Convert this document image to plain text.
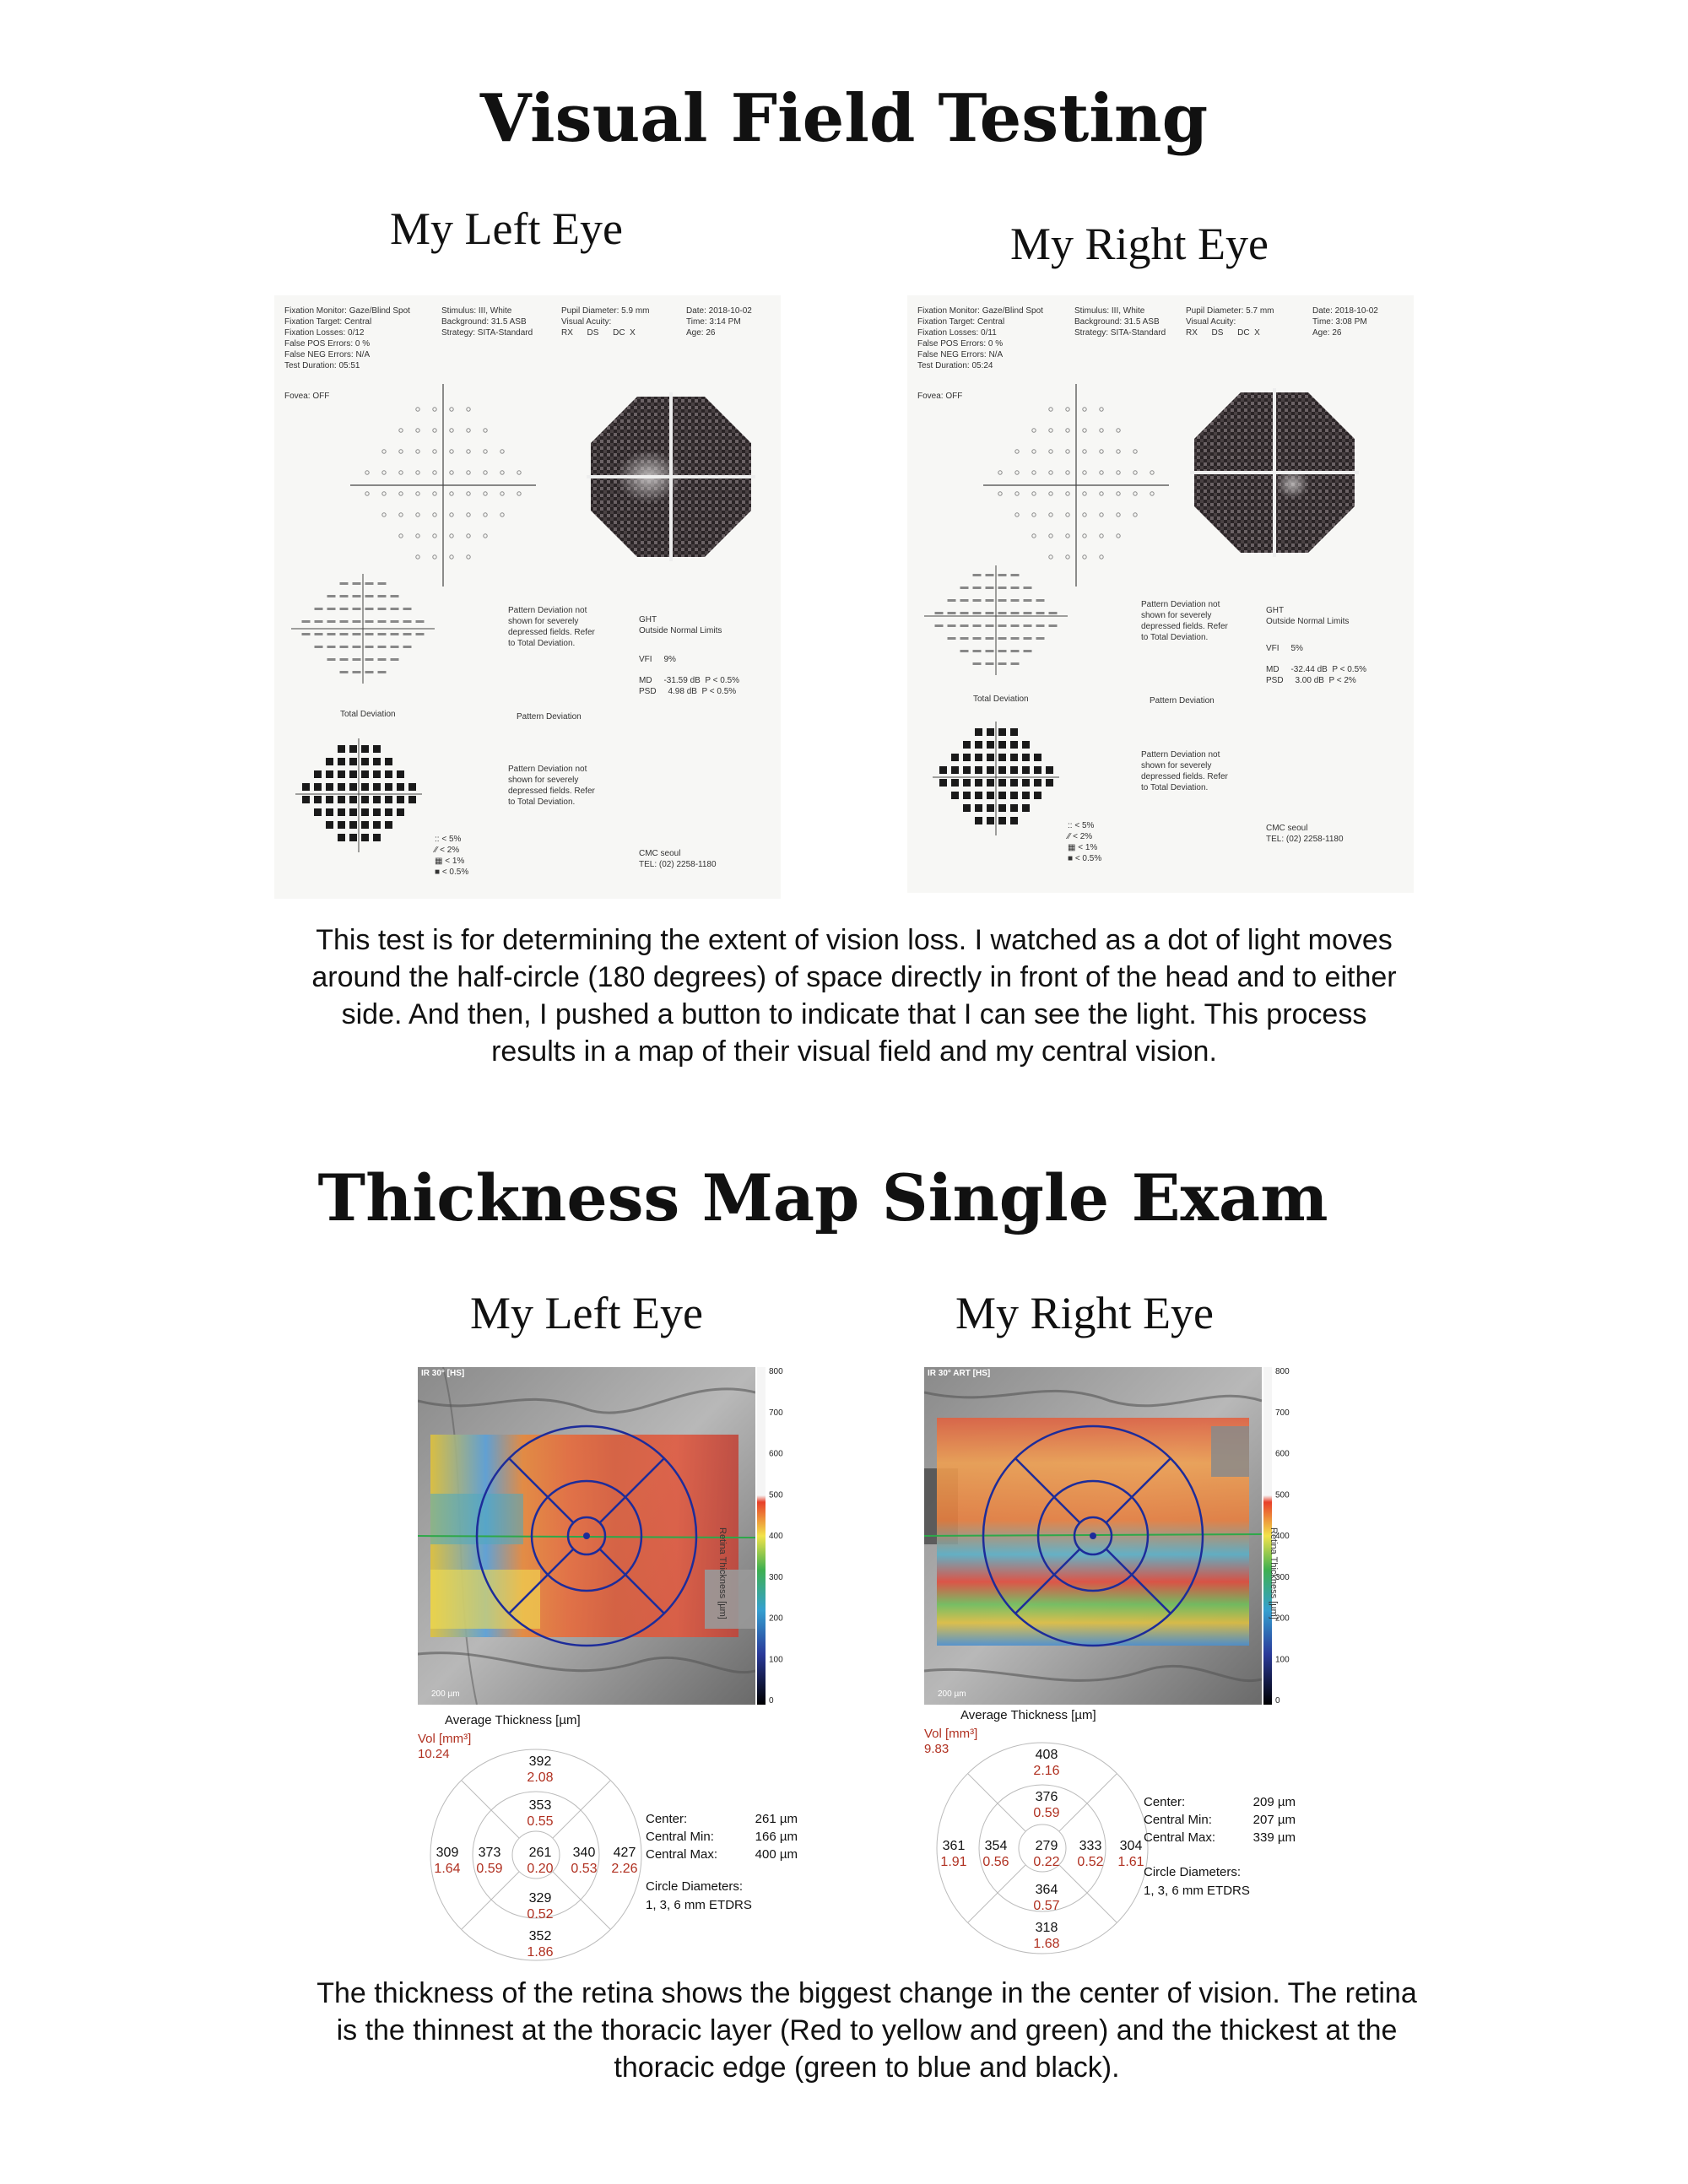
Visual Field Testing
My Left Eye	My Right Eye
Fixation Monitor: Gaze/Blind Spot
Fixation Target: Central
Fixation Losses: 0/12
False POS Errors: 0 %
False NEG Errors: N/A
Test Duration: 05:51
Stimulus: III, White
Background: 31.5 ASB
Strategy: SITA-Standard
Pupil Diameter: 5.9 mm
Visual Acuity:
RX      DS      DC  X
Date: 2018-10-02
Time: 3:14 PM
Age: 26
Fovea: OFF
Pattern Deviation not
shown for severely
depressed fields. Refer
to Total Deviation.
GHT
Outside Normal Limits
VFI     9%
MD     -31.59 dB  P < 0.5%
PSD     4.98 dB  P < 0.5%
Total Deviation	Pattern Deviation
Pattern Deviation not
shown for severely
depressed fields. Refer
to Total Deviation.
:: < 5%
⁄⁄ < 2%
▦ < 1%
■ < 0.5%
CMC seoul
TEL: (02) 2258-1180
Fixation Monitor: Gaze/Blind Spot
Fixation Target: Central
Fixation Losses: 0/11
False POS Errors: 0 %
False NEG Errors: N/A
Test Duration: 05:24
Stimulus: III, White
Background: 31.5 ASB
Strategy: SITA-Standard
Pupil Diameter: 5.7 mm
Visual Acuity:
RX      DS      DC  X
Date: 2018-10-02
Time: 3:08 PM
Age: 26
Fovea: OFF
Pattern Deviation not
shown for severely
depressed fields. Refer
to Total Deviation.
GHT
Outside Normal Limits
VFI     5%
MD     -32.44 dB  P < 0.5%
PSD     3.00 dB  P < 2%
Total Deviation	Pattern Deviation
Pattern Deviation not
shown for severely
depressed fields. Refer
to Total Deviation.
:: < 5%
⁄⁄ < 2%
▦ < 1%
■ < 0.5%
CMC seoul
TEL: (02) 2258-1180
This test is for determining the extent of vision loss. I watched as a dot of light moves around the half-circle (180 degrees) of space directly in front of the head and to either side. And then, I pushed a button to indicate that I can see the light. This process results in a map of their visual field and my central vision.
Thickness Map Single Exam
My Left Eye	My Right Eye
IR 30° [HS]
200 µm
800
700
600
500
400
300
200
100
0
Retina Thickness [µm]
Average Thickness [µm]
Vol [mm³]
10.24
392
2.08
353
0.55
309
1.64
373
0.59
261
0.20
340
0.53
427
2.26
329
0.52
352
1.86
Center:	261 µm
Central Min:	166 µm
Central Max:	400 µm
Circle Diameters:
1, 3, 6 mm ETDRS
IR 30° ART [HS]
200 µm
800
700
600
500
400
300
200
100
0
Retina Thickness [µm]
Average Thickness [µm]
Vol [mm³]
9.83	408
2.16
376
0.59
361
1.91
354
0.56
279
0.22
333
0.52
304
1.61
364
0.57
318
1.68
Center:	209 µm
Central Min:	207 µm
Central Max:	339 µm
Circle Diameters:
1, 3, 6 mm ETDRS
The thickness of the retina shows the biggest change in the center of vision. The retina is the thinnest at the thoracic layer (Red to yellow and green) and the thickest at the thoracic edge (green to blue and black).
